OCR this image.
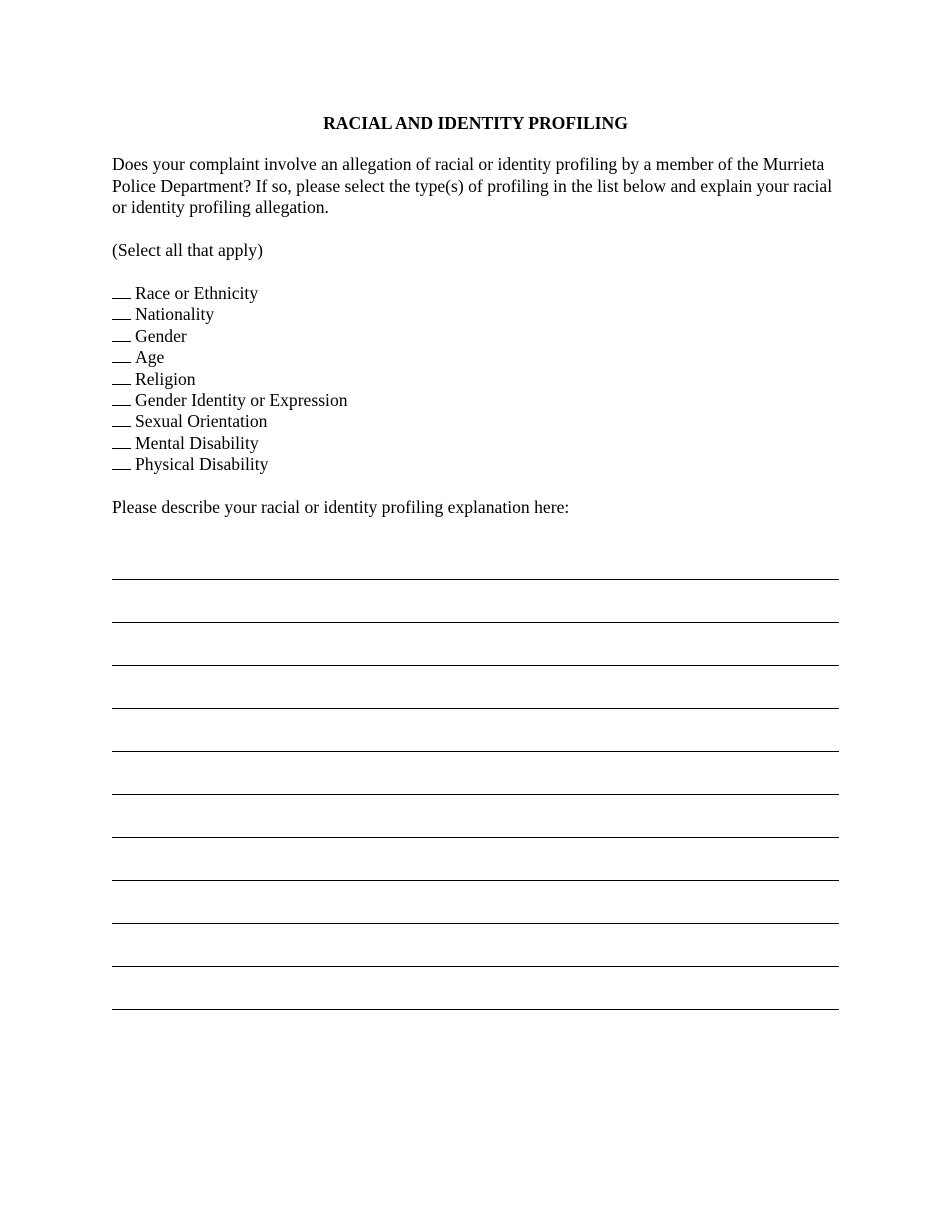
RACIAL AND IDENTITY PROFILING

Does your complaint involve an allegation of racial or identity profiling by a member of the Murrieta Police Department? If so, please select the type(s) of profiling in the list below and explain your racial or identity profiling allegation.

(Select all that apply)

Race or Ethnicity
Nationality
Gender
Age
Religion
Gender Identity or Expression
Sexual Orientation
Mental Disability
Physical Disability

Please describe your racial or identity profiling explanation here:
